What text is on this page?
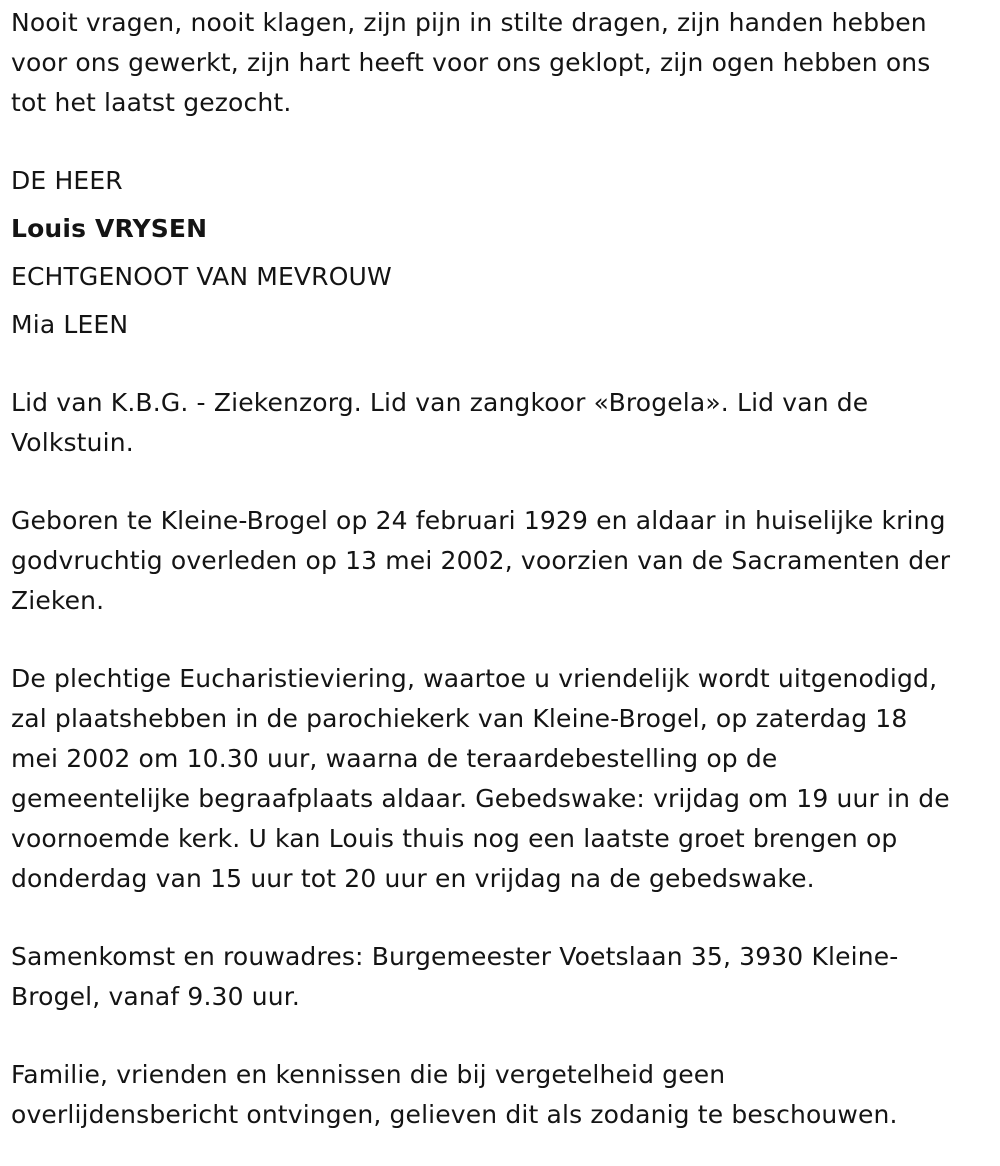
Nooit vragen, nooit klagen, zijn pijn in stilte dragen, zijn handen hebben
voor ons gewerkt, zijn hart heeft voor ons geklopt, zijn ogen hebben ons
tot het laatst gezocht.

DE HEER

Louis VRYSEN

ECHTGENOOT VAN MEVROUW

Mia LEEN

Lid van K.B.G. - Ziekenzorg. Lid van zangkoor «Brogela». Lid van de
Volkstuin.

Geboren te Kleine-Brogel op 24 februari 1929 en aldaar in huiselijke kring
godvruchtig overleden op 13 mei 2002, voorzien van de Sacramenten der
Zieken.

De plechtige Eucharistieviering, waartoe u vriendelijk wordt uitgenodigd,
zal plaatshebben in de parochiekerk van Kleine-Brogel, op zaterdag 18
mei 2002 om 10.30 uur, waarna de teraardebestelling op de
gemeentelijke begraafplaats aldaar. Gebedswake: vrijdag om 19 uur in de
voornoemde kerk. U kan Louis thuis nog een laatste groet brengen op
donderdag van 15 uur tot 20 uur en vrijdag na de gebedswake.

Samenkomst en rouwadres: Burgemeester Voetslaan 35, 3930 Kleine-
Brogel, vanaf 9.30 uur.

Familie, vrienden en kennissen die bij vergetelheid geen
overlijdensbericht ontvingen, gelieven dit als zodanig te beschouwen.
